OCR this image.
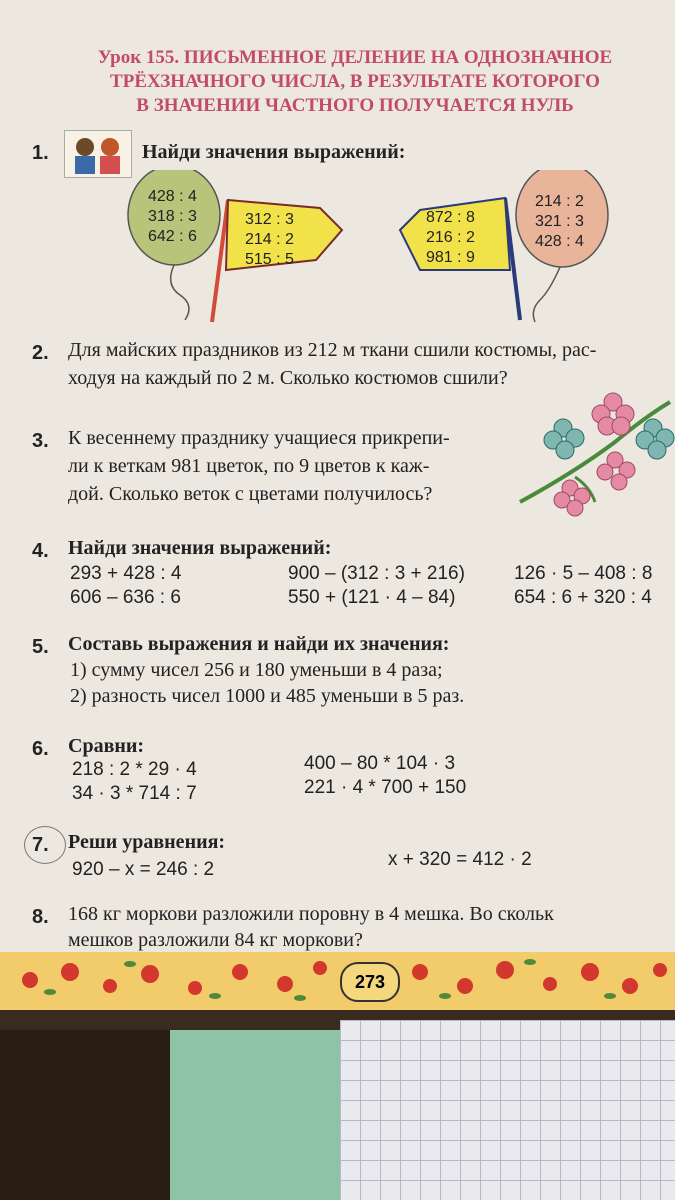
Урок 155. ПИСЬМЕННОЕ ДЕЛЕНИЕ НА ОДНОЗНАЧНОЕ
ТРЁХЗНАЧНОГО ЧИСЛА, В РЕЗУЛЬТАТЕ КОТОРОГО
В ЗНАЧЕНИИ ЧАСТНОГО ПОЛУЧАЕТСЯ НУЛЬ
1.	Найди значения выражений:
428 : 4
318 : 3
642 : 6
312 : 3
214 : 2
515 : 5
872 : 8
216 : 2
981 : 9
214 : 2
321 : 3
428 : 4
2. Для майских праздников из 212 м ткани сшили костюмы, рас-
ходуя на каждый по 2 м. Сколько костюмов сшили?
3. К весеннему празднику учащиеся прикрепи-
ли к веткам 981 цветок, по 9 цветов к каж-
дой. Сколько веток с цветами получилось?
4. Найди значения выражений:
293 + 428 : 4
606 – 636 : 6
900 – (312 : 3 + 216)
550 + (121 · 4 – 84)
126 · 5 – 408 : 8
654 : 6 + 320 : 4
5. Составь выражения и найди их значения:
1) сумму чисел 256 и 180 уменьши в 4 раза;
2) разность чисел 1000 и 485 уменьши в 5 раз.
6. Сравни:
218 : 2 * 29 · 4
34 · 3 * 714 : 7
400 – 80 * 104 · 3
221 · 4 * 700 + 150
7. Реши уравнения:
920 – x = 246 : 2	x + 320 = 412 · 2
8. 168 кг моркови разложили поровну в 4 мешка. Во скольк
мешков разложили 84 кг моркови?
273
